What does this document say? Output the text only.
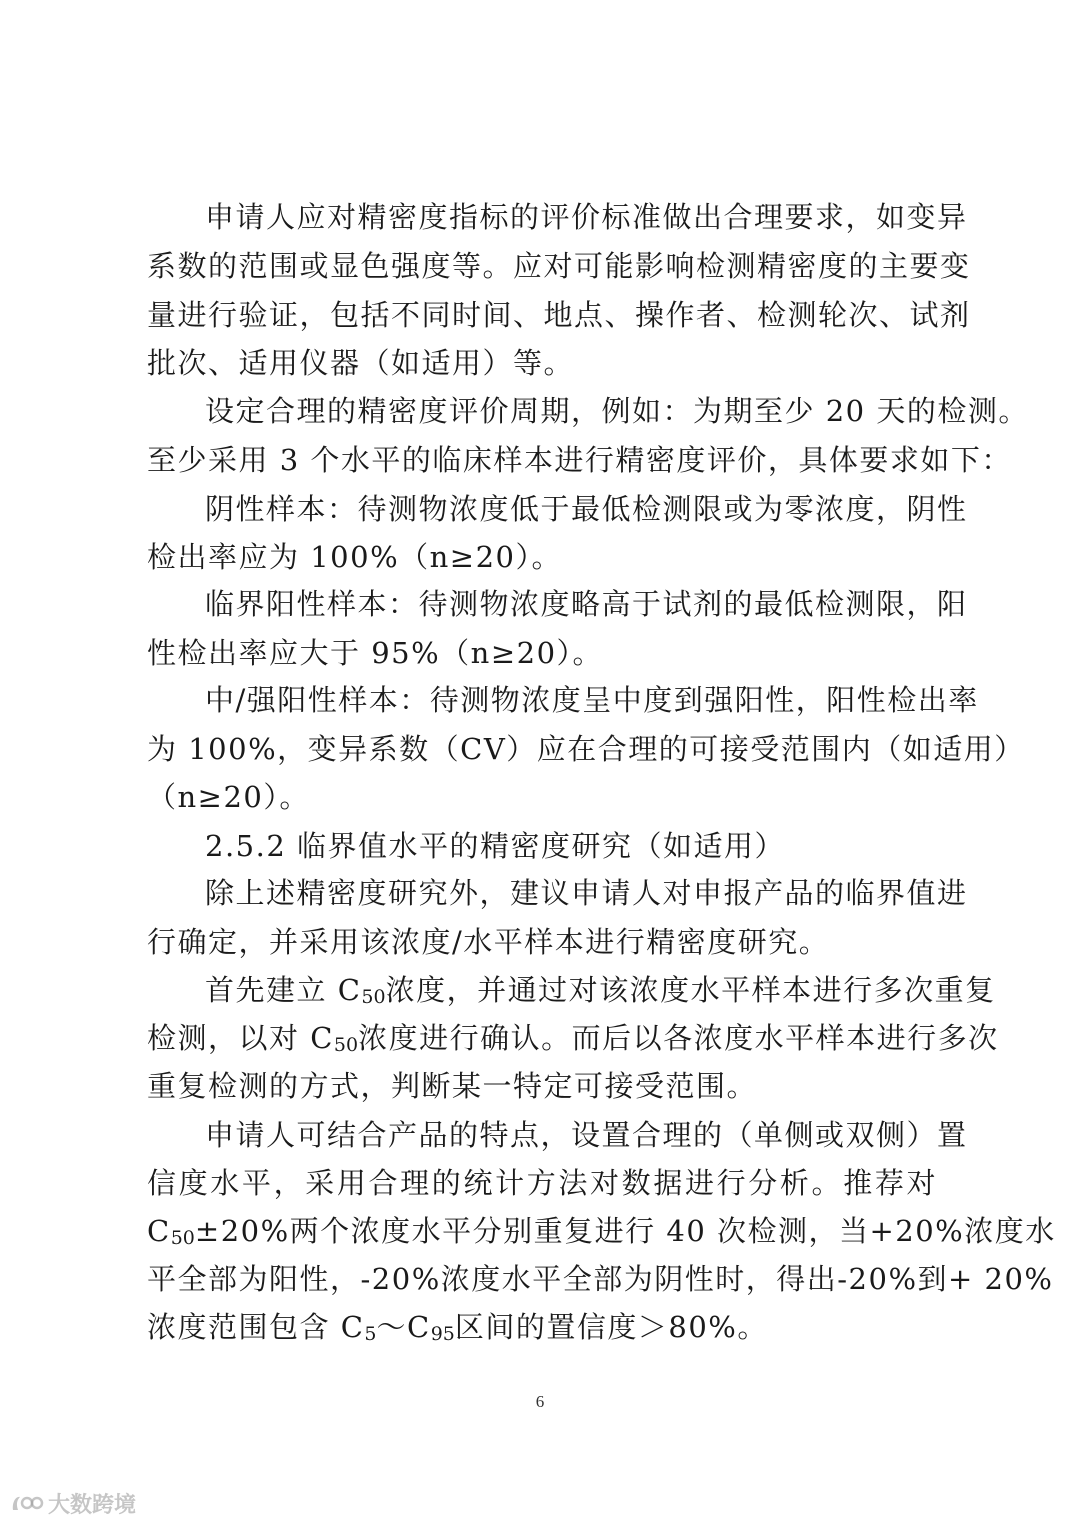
申请人应对精密度指标的评价标准做出合理要求，如变异
系数的范围或显色强度等。应对可能影响检测精密度的主要变
量进行验证，包括不同时间、地点、操作者、检测轮次、试剂
批次、适用仪器（如适用）等。
设定合理的精密度评价周期，例如：为期至少 20 天的检测。
至少采用 3 个水平的临床样本进行精密度评价，具体要求如下：
阴性样本：待测物浓度低于最低检测限或为零浓度，阴性
检出率应为 100%（n≥20）。
临界阳性样本：待测物浓度略高于试剂的最低检测限，阳
性检出率应大于 95%（n≥20）。
中/强阳性样本：待测物浓度呈中度到强阳性，阳性检出率
为 100%，变异系数（CV）应在合理的可接受范围内（如适用）
（n≥20）。
2.5.2 临界值水平的精密度研究（如适用）
除上述精密度研究外，建议申请人对申报产品的临界值进
行确定，并采用该浓度/水平样本进行精密度研究。
首先建立 C50浓度，并通过对该浓度水平样本进行多次重复
检测，以对 C50浓度进行确认。而后以各浓度水平样本进行多次
重复检测的方式，判断某一特定可接受范围。
申请人可结合产品的特点，设置合理的（单侧或双侧）置
信度水平，采用合理的统计方法对数据进行分析。推荐对
C50±20%两个浓度水平分别重复进行 40 次检测，当+20%浓度水
平全部为阳性，-20%浓度水平全部为阴性时，得出-20%到+ 20%
浓度范围包含 C5～C95区间的置信度＞80%。
6
大数跨境
